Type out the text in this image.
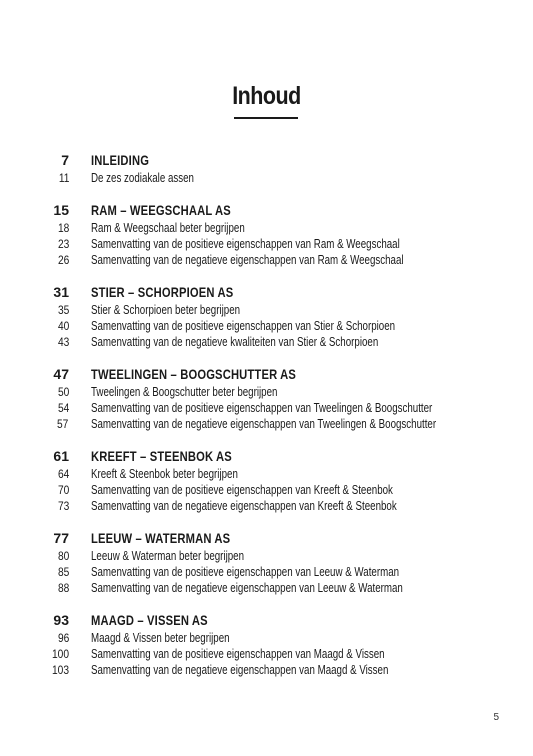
Inhoud
7	INLEIDING
11	De zes zodiakale assen
15	RAM – WEEGSCHAAL AS
18	Ram & Weegschaal beter begrijpen
23	Samenvatting van de positieve eigenschappen van Ram & Weegschaal
26	Samenvatting van de negatieve eigenschappen van Ram & Weegschaal
31	STIER – SCHORPIOEN AS
35	Stier & Schorpioen beter begrijpen
40	Samenvatting van de positieve eigenschappen van Stier & Schorpioen
43	Samenvatting van de negatieve kwaliteiten van Stier & Schorpioen
47	TWEELINGEN – BOOGSCHUTTER AS
50	Tweelingen & Boogschutter beter begrijpen
54	Samenvatting van de positieve eigenschappen van Tweelingen & Boogschutter
57	Samenvatting van de negatieve eigenschappen van Tweelingen & Boogschutter
61	KREEFT – STEENBOK AS
64	Kreeft & Steenbok beter begrijpen
70	Samenvatting van de positieve eigenschappen van Kreeft & Steenbok
73	Samenvatting van de negatieve eigenschappen van Kreeft & Steenbok
77	LEEUW – WATERMAN AS
80	Leeuw & Waterman beter begrijpen
85	Samenvatting van de positieve eigenschappen van Leeuw & Waterman
88	Samenvatting van de negatieve eigenschappen van Leeuw & Waterman
93	MAAGD – VISSEN AS
96	Maagd & Vissen beter begrijpen
100	Samenvatting van de positieve eigenschappen van Maagd & Vissen
103	Samenvatting van de negatieve eigenschappen van Maagd & Vissen
5
